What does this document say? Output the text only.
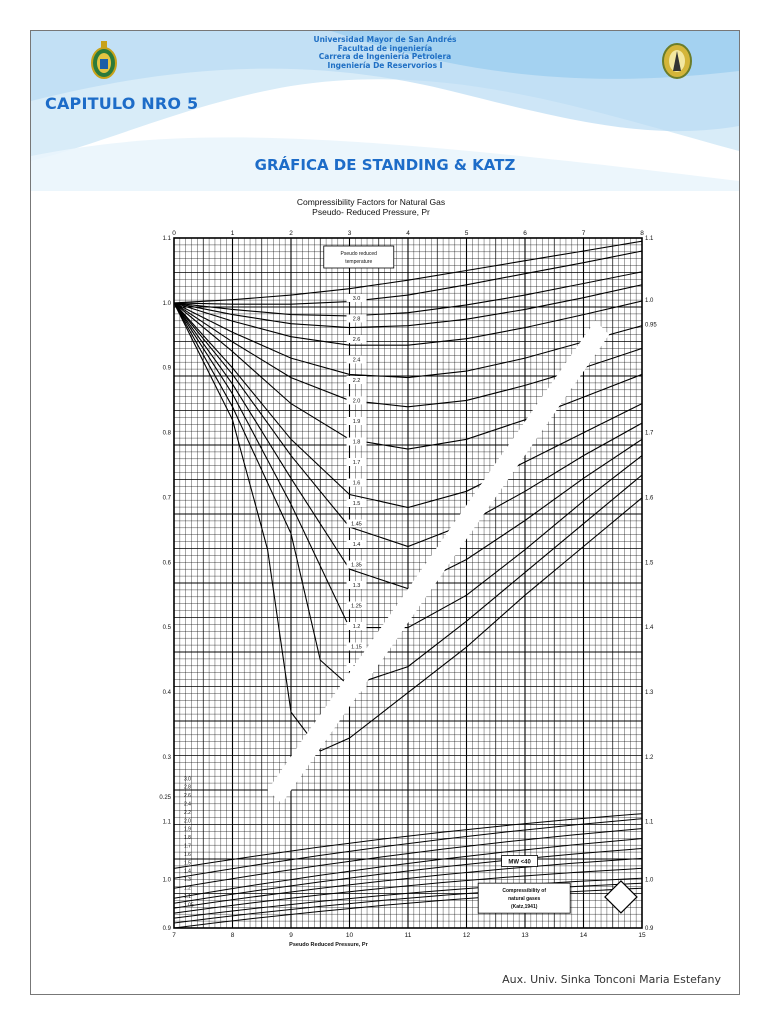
Universidad Mayor de San Andrés
Facultad de ingeniería
Carrera de Ingeniería Petrolera
Ingeniería De Reservorios I
CAPITULO NRO 5
GRÁFICA DE STANDING & KATZ
Compressibility Factors for Natural Gas
Pseudo- Reduced Pressure, Pr
0	1	2	3	4	5	6	7	8
7	8	9	10	11	12	13	14	15
Pseudo Reduced Pressure, Pr
1.1
1.0
0.9
0.8
0.7
0.6
0.5
0.4
0.3
1.1
1.0
0.9
0.25
1.1
1.0
0.95
1.7
1.6
1.5
1.4
1.3
1.2
1.1
1.0
0.9
3.0
2.8
2.6
2.4
2.2
2.0
1.9
1.8
1.7
1.6
1.5
1.45
1.4
1.35
1.3
1.25
1.2
1.15
Pseudo reduced
temperature
3.0
2.8
2.6
2.4
2.2
2.0
1.9
1.8
1.7
1.6
1.5
1.4
1.3
1.2
1.1
1.05
MW <40
Compressibility of
natural gases
(Katz,1941)
Aux. Univ. Sinka Tonconi Maria Estefany
